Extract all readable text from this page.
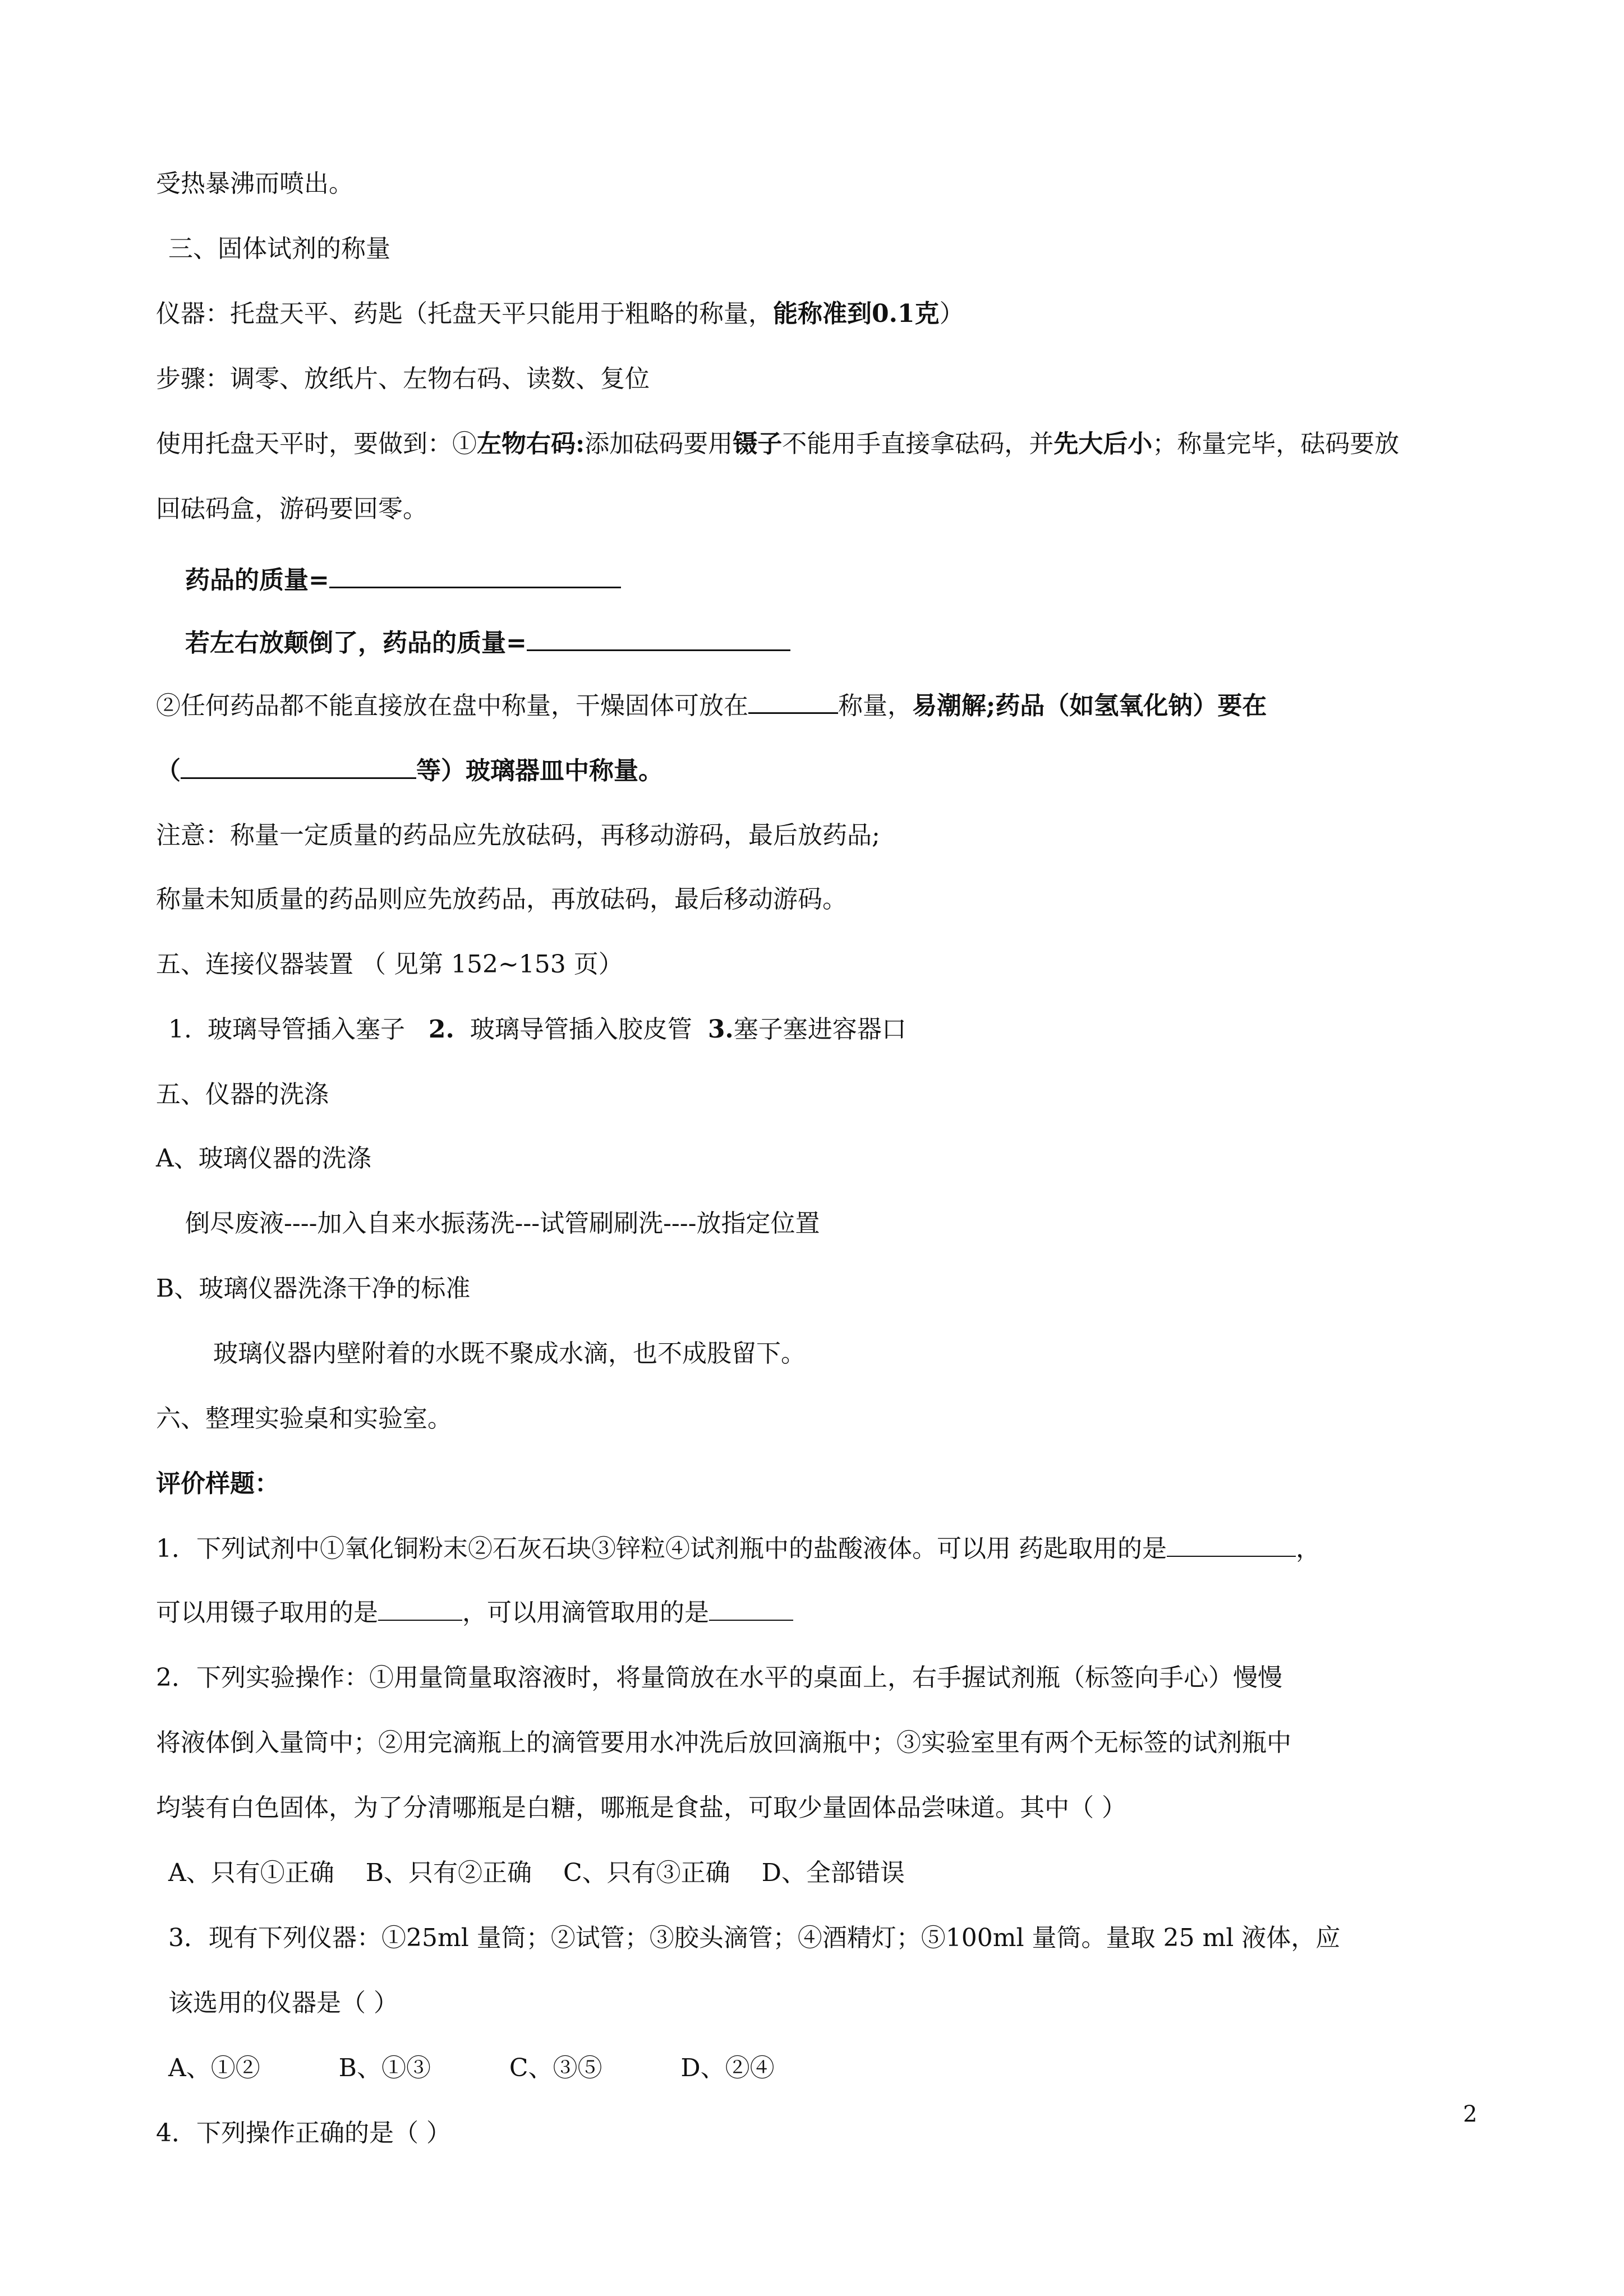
受热暴沸而喷出。
三、固体试剂的称量
仪器：托盘天平、药匙（托盘天平只能用于粗略的称量，能称准到0.1克）
步骤：调零、放纸片、左物右码、读数、复位
使用托盘天平时，要做到：①左物右码:添加砝码要用镊子不能用手直接拿砝码，并先大后小；称量完毕，砝码要放
回砝码盒，游码要回零。
药品的质量=
若左右放颠倒了，药品的质量=
②任何药品都不能直接放在盘中称量，干燥固体可放在	称量，易潮解;药品（如氢氧化钠）要在
（	等）玻璃器皿中称量。
注意：称量一定质量的药品应先放砝码，再移动游码，最后放药品;
称量未知质量的药品则应先放药品，再放砝码，最后移动游码。
五、连接仪器装置 （ 见第 152~153 页）
1.  玻璃导管插入塞子   2.  玻璃导管插入胶皮管  3.塞子塞进容器口
五、仪器的洗涤
A、玻璃仪器的洗涤
倒尽废液----加入自来水振荡洗---试管刷刷洗----放指定位置
B、玻璃仪器洗涤干净的标准
玻璃仪器内壁附着的水既不聚成水滴，也不成股留下。
六、整理实验桌和实验室。
评价样题：
1．下列试剂中①氧化铜粉末②石灰石块③锌粒④试剂瓶中的盐酸液体。可以用 药匙取用的是	，
可以用镊子取用的是	，可以用滴管取用的是
2．下列实验操作：①用量筒量取溶液时，将量筒放在水平的桌面上，右手握试剂瓶（标签向手心）慢慢
将液体倒入量筒中；②用完滴瓶上的滴管要用水冲洗后放回滴瓶中；③实验室里有两个无标签的试剂瓶中
均装有白色固体，为了分清哪瓶是白糖，哪瓶是食盐，可取少量固体品尝味道。其中（ ）
A、只有①正确    B、只有②正确    C、只有③正确    D、全部错误
3．现有下列仪器：①25ml 量筒；②试管；③胶头滴管；④酒精灯；⑤100ml 量筒。量取 25 ml 液体，应
该选用的仪器是（ ）
A、①②          B、①③          C、③⑤          D、②④
4．下列操作正确的是（ ）
2
